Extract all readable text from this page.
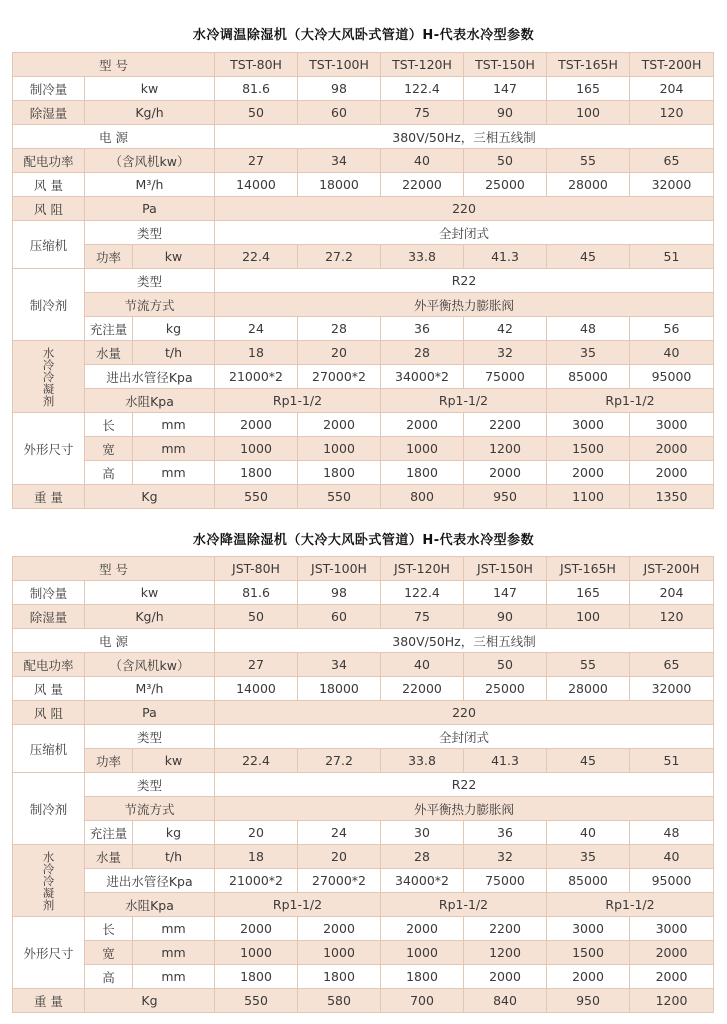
水冷调温除湿机（大冷大风卧式管道）H-代表水冷型参数
型 号			TST-80H	TST-100H	TST-120H	TST-150H	TST-165H	TST-200H
制冷量	kw		81.6	98	122.4	147	165	204
除湿量	Kg/h		50	60	75	90	100	120
电 源			380V/50Hz，三相五线制					
配电功率	（含风机kw）		27	34	40	50	55	65
风 量	M³/h		14000	18000	22000	25000	28000	32000
风 阻	Pa		220					
压缩机	类型		全封闭式					
	功率	kw	22.4	27.2	33.8	41.3	45	51
制冷剂	类型		R22					
	节流方式		外平衡热力膨胀阀					
	充注量	kg	24	28	36	42	48	56

水
冷
冷
凝
剂	水量	t/h	18	20	28	32	35	40
	进出水管径Kpa		21000*2	27000*2	34000*2	75000	85000	95000
	水阻Kpa		Rp1-1/2		Rp1-1/2		Rp1-1/2	
外形尺寸	长	mm	2000	2000	2000	2200	3000	3000
	宽	mm	1000	1000	1000	1200	1500	2000
	高	mm	1800	1800	1800	2000	2000	2000
重 量	Kg		550	550	800	950	1100	1350
水冷降温除湿机（大冷大风卧式管道）H-代表水冷型参数
型 号			JST-80H	JST-100H	JST-120H	JST-150H	JST-165H	JST-200H
制冷量	kw		81.6	98	122.4	147	165	204
除湿量	Kg/h		50	60	75	90	100	120
电 源			380V/50Hz，三相五线制					
配电功率	（含风机kw）		27	34	40	50	55	65
风 量	M³/h		14000	18000	22000	25000	28000	32000
风 阻	Pa		220					
压缩机	类型		全封闭式					
	功率	kw	22.4	27.2	33.8	41.3	45	51
制冷剂	类型		R22					
	节流方式		外平衡热力膨胀阀					
	充注量	kg	20	24	30	36	40	48

水
冷
冷
凝
剂	水量	t/h	18	20	28	32	35	40
	进出水管径Kpa		21000*2	27000*2	34000*2	75000	85000	95000
	水阻Kpa		Rp1-1/2		Rp1-1/2		Rp1-1/2	
外形尺寸	长	mm	2000	2000	2000	2200	3000	3000
	宽	mm	1000	1000	1000	1200	1500	2000
	高	mm	1800	1800	1800	2000	2000	2000
重 量	Kg		550	580	700	840	950	1200
